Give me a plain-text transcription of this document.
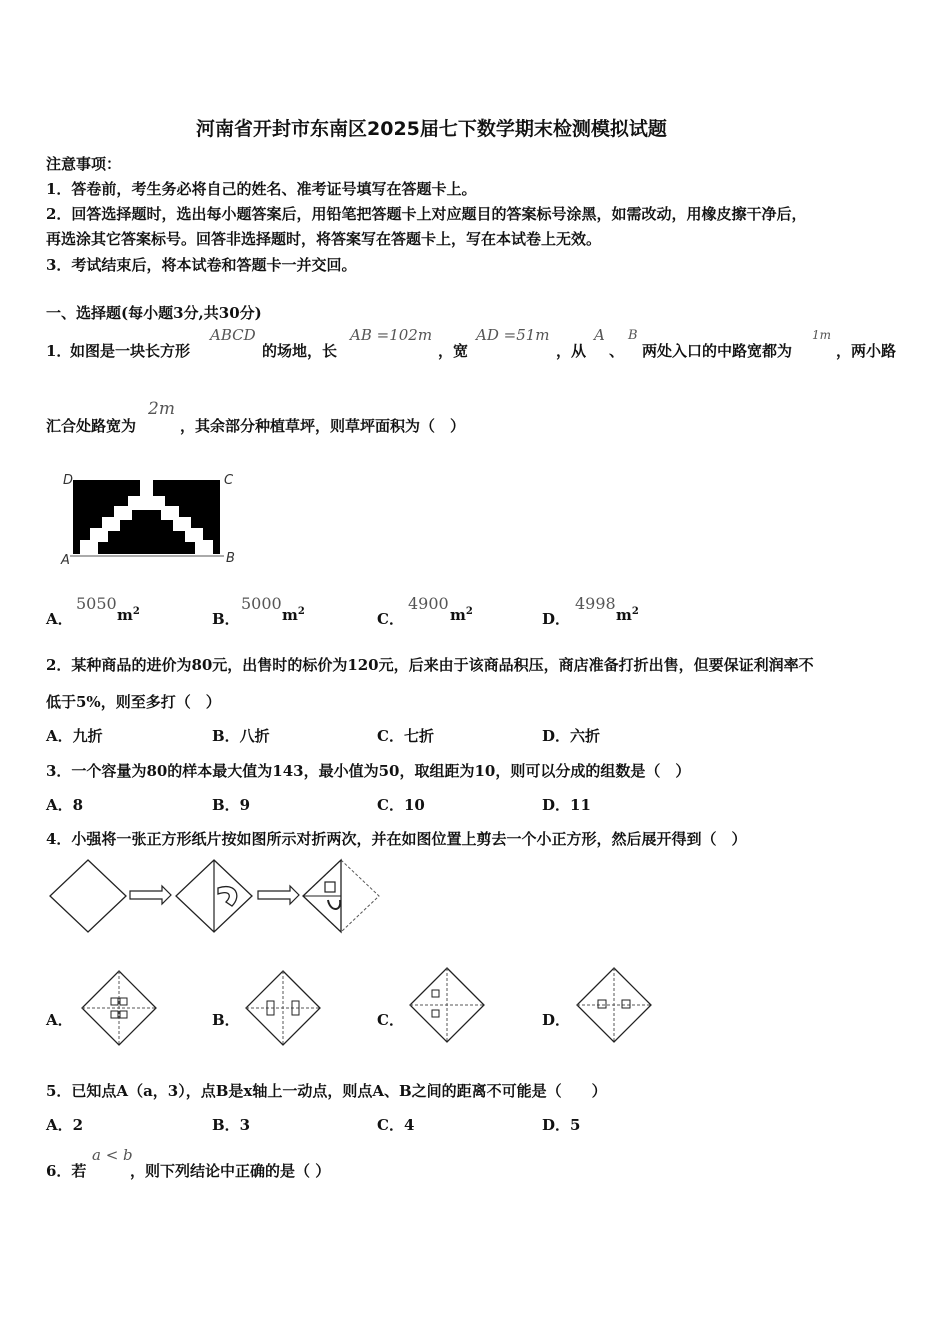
河南省开封市东南区2025届七下数学期末检测模拟试题
注意事项：
1．答卷前，考生务必将自己的姓名、准考证号填写在答题卡上。
2．回答选择题时，选出每小题答案后，用铅笔把答题卡上对应题目的答案标号涂黑，如需改动，用橡皮擦干净后，
再选涂其它答案标号。回答非选择题时，将答案写在答题卡上，写在本试卷上无效。
3．考试结束后，将本试卷和答题卡一并交回。
一、选择题(每小题3分,共30分)
1．
如图是一块长方形
ABCD
的场地，长
AB =102m
，宽
AD =51m
，从
A
、
B
两处入口的中路宽都为
1m
，两小路
汇合处路宽为
2m
，其余部分种植草坪，则草坪面积为（　）
D	C
A	B
A．
5050
$m^2$	B．
5000
$m^2$	C．
4900
$m^2$	D．
4998
$m^2$
2．某种商品的进价为80元，出售时的标价为120元，后来由于该商品积压，商店准备打折出售，但要保证利润率不
低于5%，则至多打（　）
A．九折	B．八折	C．七折	D．六折
3．一个容量为80的样本最大值为143，最小值为50，取组距为10，则可以分成的组数是（　）
A．8	B．9	C．10	D．11
4．小强将一张正方形纸片按如图所示对折两次，并在如图位置上剪去一个小正方形，然后展开得到（　）
A．	B．	C．	D．
5．已知点A（a，3），点B是x轴上一动点，则点A、B之间的距离不可能是（　　）
A．2	B．3	C．4	D．5
6．若
a < b
，则下列结论中正确的是（ ）
